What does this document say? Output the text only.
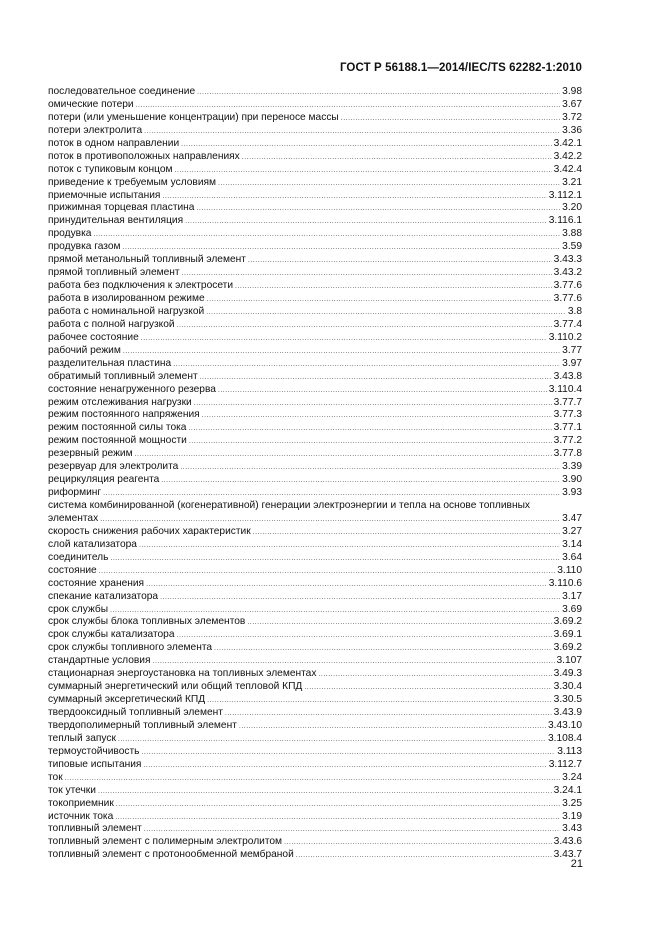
ГОСТ Р 56188.1—2014/IEC/TS 62282-1:2010
последовательное соединение .....	3.98
омические потери .....	3.67
потери (или уменьшение концентрации) при переносе массы .....	3.72
потери электролита .....	3.36
поток в одном направлении .....	3.42.1
поток в противоположных направлениях .....	3.42.2
поток с тупиковым концом .....	3.42.4
приведение к требуемым условиям .....	3.21
приемочные испытания .....	3.112.1
прижимная торцевая пластина .....	3.20
принудительная вентиляция .....	3.116.1
продувка .....	3.88
продувка газом .....	3.59
прямой метанольный топливный элемент .....	3.43.3
прямой топливный элемент .....	3.43.2
работа без подключения к электросети .....	3.77.6
работа в изолированном режиме .....	3.77.6
работа с номинальной нагрузкой .....	3.8
работа с полной нагрузкой .....	3.77.4
рабочее состояние .....	3.110.2
рабочий режим .....	3.77
разделительная пластина .....	3.97
обратимый топливный элемент .....	3.43.8
состояние ненагруженного резерва .....	3.110.4
режим отслеживания нагрузки .....	3.77.7
режим постоянного напряжения .....	3.77.3
режим постоянной силы тока .....	3.77.1
режим постоянной мощности .....	3.77.2
резервный режим .....	3.77.8
резервуар для электролита .....	3.39
рециркуляция реагента .....	3.90
риформинг .....	3.93
система комбинированной (когенеративной) генерации электроэнергии и тепла на основе топливных
элементах .....	3.47
скорость снижения рабочих характеристик .....	3.27
слой катализатора .....	3.14
соединитель .....	3.64
состояние .....	3.110
состояние хранения .....	3.110.6
спекание катализатора .....	3.17
срок службы .....	3.69
срок службы блока топливных элементов .....	3.69.2
срок службы катализатора .....	3.69.1
срок службы топливного элемента .....	3.69.2
стандартные условия .....	3.107
стационарная энергоустановка на топливных элементах .....	3.49.3
суммарный энергетический или общий тепловой КПД .....	3.30.4
суммарный эксергетический КПД .....	3.30.5
твердооксидный топливный элемент .....	3.43.9
твердополимерный топливный элемент .....	3.43.10
теплый запуск .....	3.108.4
термоустойчивость .....	3.113
типовые испытания .....	3.112.7
ток .....	3.24
ток утечки .....	3.24.1
токоприемник .....	3.25
источник тока .....	3.19
топливный элемент .....	3.43
топливный элемент с полимерным электролитом .....	3.43.6
топливный элемент с протонообменной мембраной .....	3.43.7
21
